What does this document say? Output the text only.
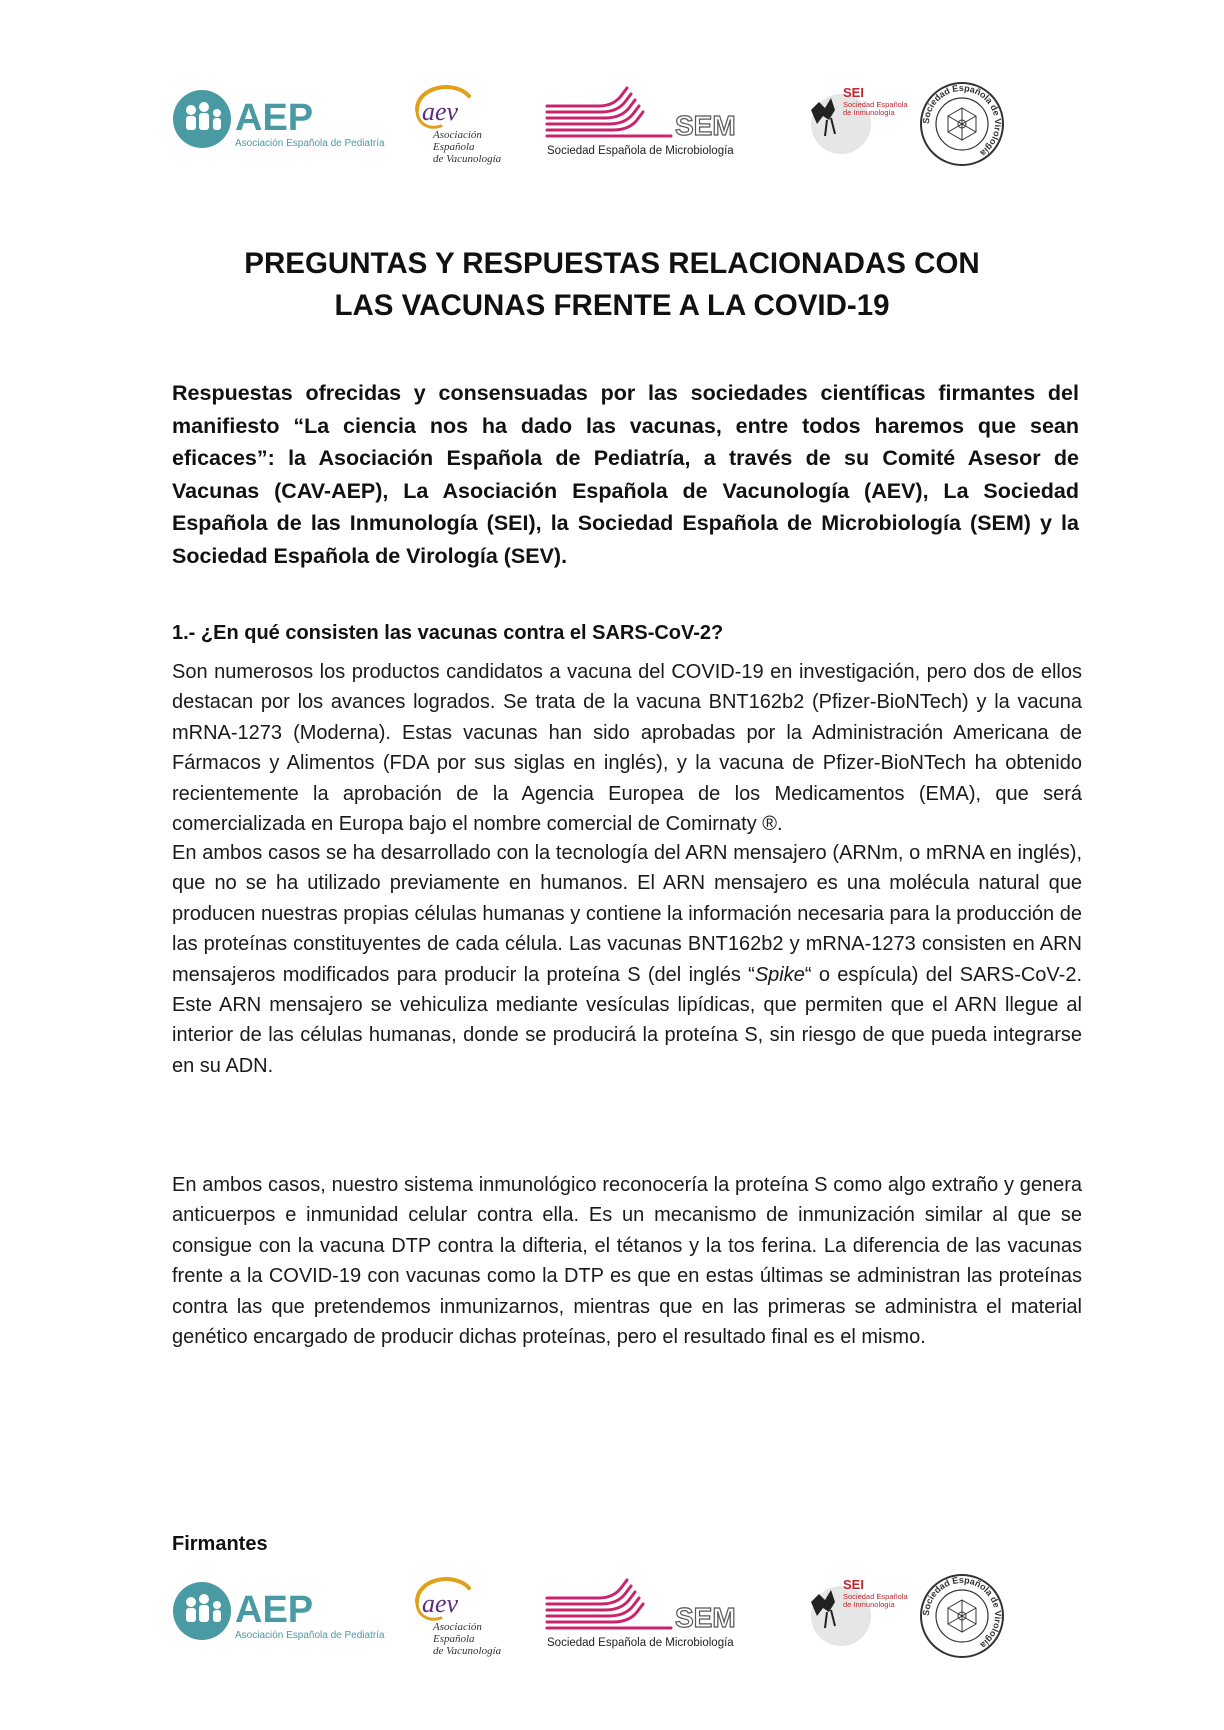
AEP
Asociación Española de Pediatría
aev
Asociación
Española
de Vacunología
SEM
Sociedad Española de Microbiología
SEI
Sociedad Española
de Inmunología
Sociedad Española de Virología
PREGUNTAS Y RESPUESTAS RELACIONADAS CON
LAS VACUNAS FRENTE A LA COVID-19

Respuestas ofrecidas y consensuadas por las sociedades científicas firmantes del manifiesto “La ciencia nos ha dado las vacunas, entre todos haremos que sean eficaces”: la Asociación Española de Pediatría, a través de su Comité Asesor de Vacunas (CAV-AEP), La Asociación Española de Vacunología (AEV), La Sociedad Española de las Inmunología (SEI), la Sociedad Española de Microbiología (SEM) y la Sociedad Española de Virología (SEV).

1.- ¿En qué consisten las vacunas contra el SARS-CoV-2?

Son numerosos los productos candidatos a vacuna del COVID-19 en investigación, pero dos de ellos destacan por los avances logrados. Se trata de la vacuna BNT162b2 (Pfizer-BioNTech) y la vacuna mRNA-1273 (Moderna). Estas vacunas han sido aprobadas por la Administración Americana de Fármacos y Alimentos (FDA por sus siglas en inglés), y la vacuna de Pfizer-BioNTech ha obtenido recientemente la aprobación de la Agencia Europea de los Medicamentos (EMA), que será comercializada en Europa bajo el nombre comercial de Comirnaty ®.

En ambos casos se ha desarrollado con la tecnología del ARN mensajero (ARNm, o mRNA en inglés), que no se ha utilizado previamente en humanos. El ARN mensajero es una molécula natural que producen nuestras propias células humanas y contiene la información necesaria para la producción de las proteínas constituyentes de cada célula. Las vacunas BNT162b2 y mRNA-1273 consisten en ARN mensajeros modificados para producir la proteína S (del inglés “Spike“ o espícula) del SARS-CoV-2. Este ARN mensajero se vehiculiza mediante vesículas lipídicas, que permiten que el ARN llegue al interior de las células humanas, donde se producirá la proteína S, sin riesgo de que pueda integrarse en su ADN.

En ambos casos, nuestro sistema inmunológico reconocería la proteína S como algo extraño y genera anticuerpos e inmunidad celular contra ella. Es un mecanismo de inmunización similar al que se consigue con la vacuna DTP contra la difteria, el tétanos y la tos ferina. La diferencia de las vacunas frente a la COVID-19 con vacunas como la DTP es que en estas últimas se administran las proteínas contra las que pretendemos inmunizarnos, mientras que en las primeras se administra el material genético encargado de producir dichas proteínas, pero el resultado final es el mismo.

Firmantes

AEP
Asociación Española de Pediatría
aev
Asociación
Española
de Vacunología
SEM
Sociedad Española de Microbiología
SEI
Sociedad Española
de Inmunología
Sociedad Española de Virología
